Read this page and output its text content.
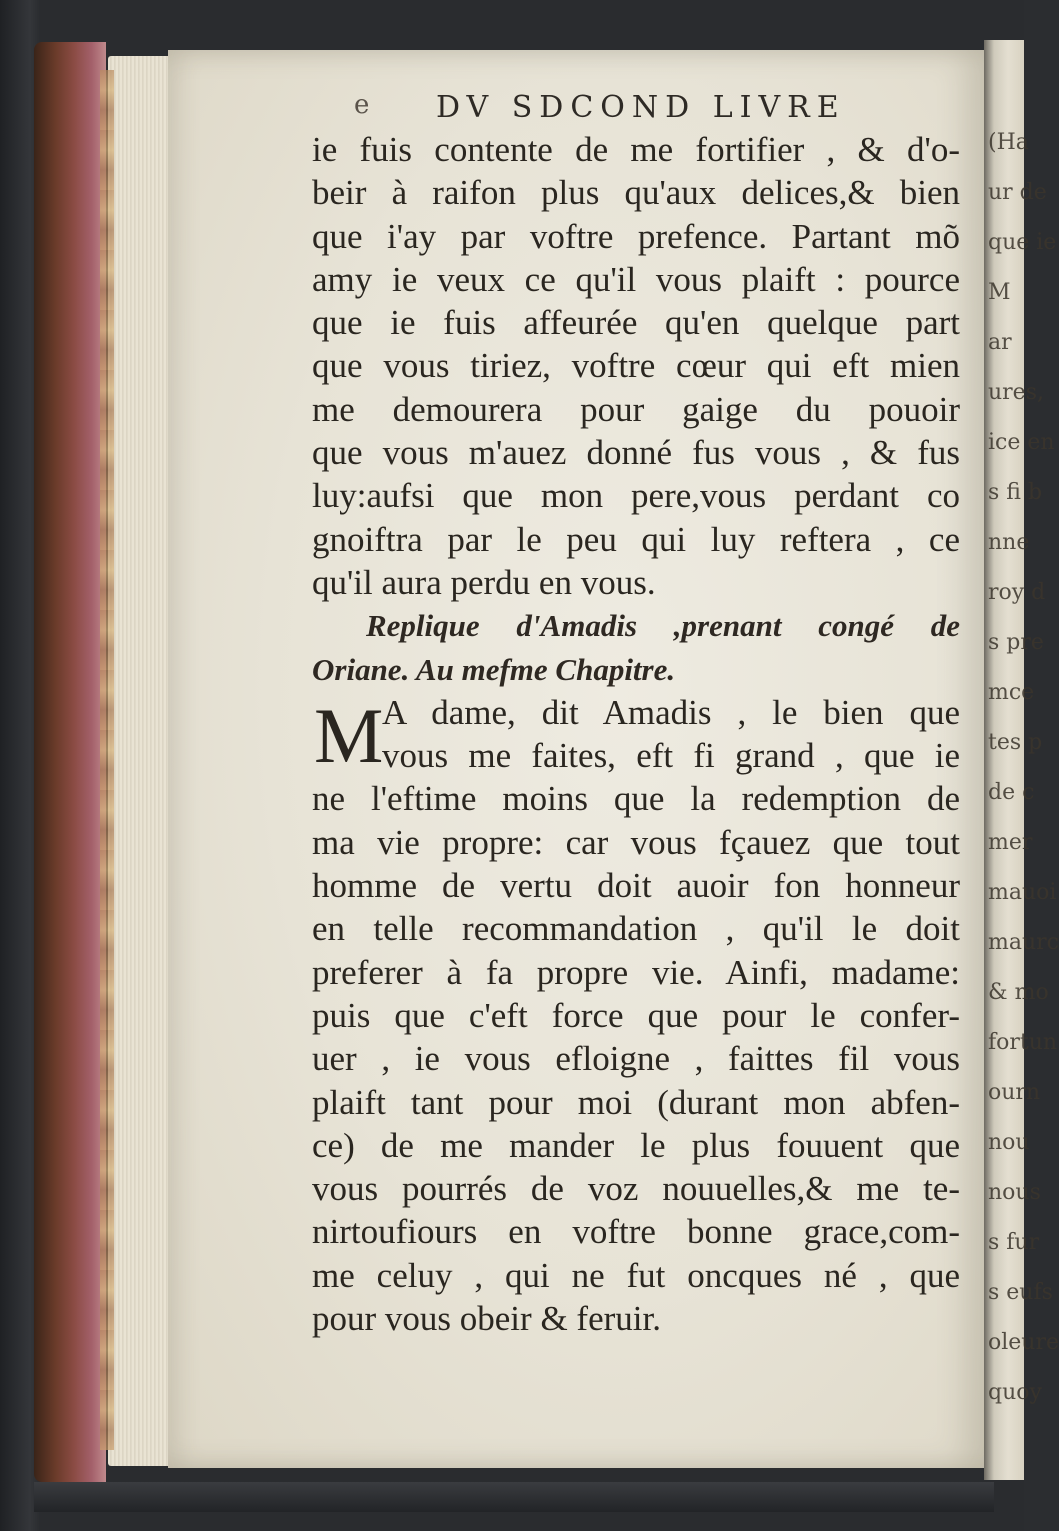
(Ha
ur de
que ie
M
ar
ures,
ice en
s fi b
nne
roy d
s pre
mce
tes p
de c
mer
mauoi
maurc
& mo
fortun
ourn
nou
nous
s fur
s eufs
oleure
quoy
e DV SDCOND LIVRE
ie fuis contente de me fortifier , & d'o-
beir à raifon plus qu'aux delices,& bien
que i'ay par voftre prefence. Partant mõ
amy ie veux ce qu'il vous plaift : pource
que ie fuis affeurée qu'en quelque part
que vous tiriez, voftre cœur qui eft mien
me demourera pour gaige du pouoir
que vous m'auez donné fus vous , & fus
luy:aufsi que mon pere,vous perdant co
gnoiftra par le peu qui luy reftera , ce
qu'il aura perdu en vous.
Replique d'Amadis ,prenant congé de
Oriane. Au mefme Chapitre.
M
A dame, dit Amadis , le bien que
vous me faites, eft fi grand , que ie
ne l'eftime moins que la redemption de
ma vie propre: car vous fçauez que tout
homme de vertu doit auoir fon honneur
en telle recommandation , qu'il le doit
preferer à fa propre vie. Ainfi, madame:
puis que c'eft force que pour le confer-
uer , ie vous efloigne , faittes fil vous
plaift tant pour moi (durant mon abfen-
ce) de me mander le plus fouuent que
vous pourrés de voz nouuelles,& me te-
nirtoufiours en voftre bonne grace,com-
me celuy , qui ne fut oncques né , que
pour vous obeir & feruir.
